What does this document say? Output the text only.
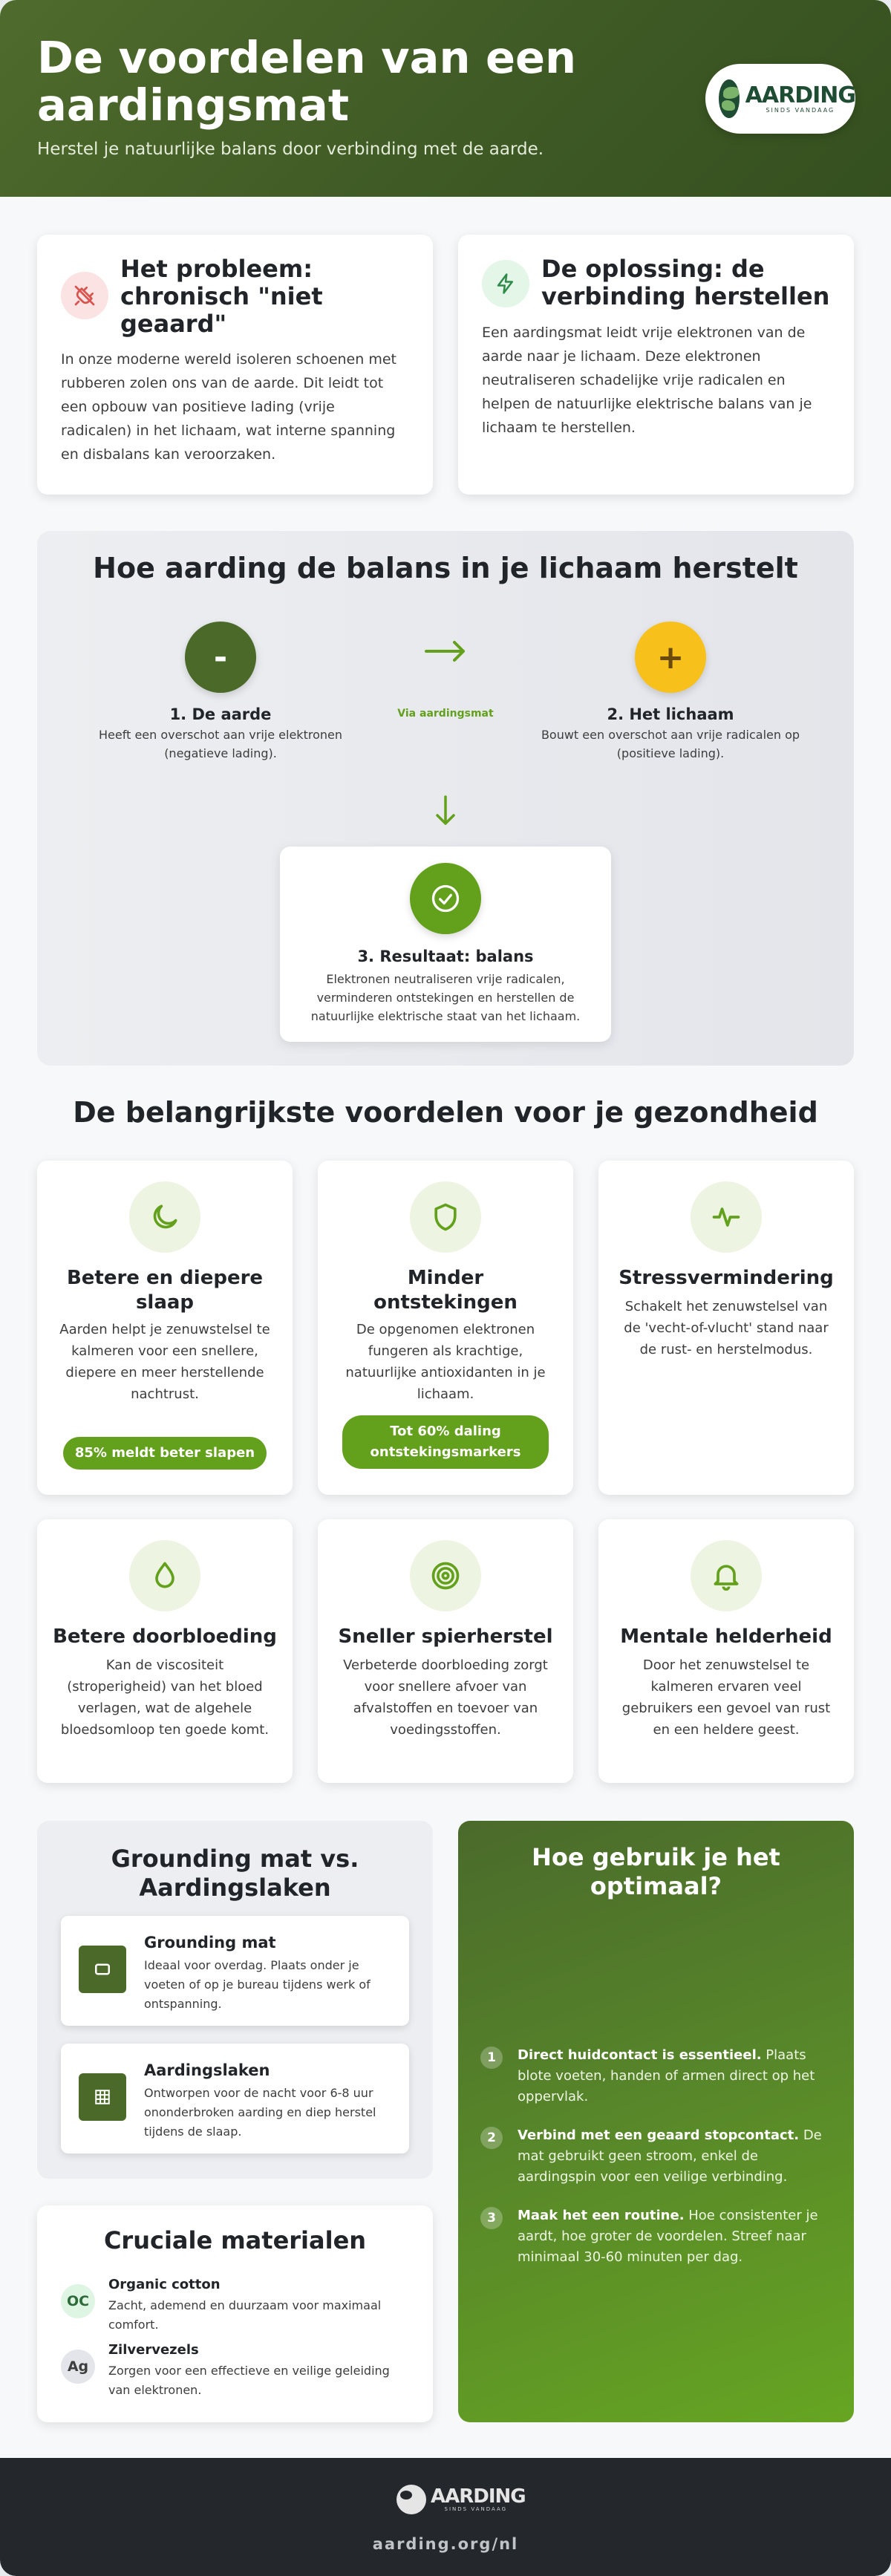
De voordelen van een aardingsmat

Herstel je natuurlijke balans door verbinding met de aarde.

AARDING
SINDS VANDAAG
Het probleem: chronisch "niet geaard"
In onze moderne wereld isoleren schoenen met rubberen zolen ons van de aarde. Dit leidt tot een opbouw van positieve lading (vrije radicalen) in het lichaam, wat interne spanning en disbalans kan veroorzaken.
De oplossing: de verbinding herstellen
Een aardingsmat leidt vrije elektronen van de aarde naar je lichaam. Deze elektronen neutraliseren schadelijke vrije radicalen en helpen de natuurlijke elektrische balans van je lichaam te herstellen.
Hoe aarding de balans in je lichaam herstelt
-
1. De aarde
Heeft een overschot aan vrije elektronen (negatieve lading).
Via aardingsmat
+
2. Het lichaam
Bouwt een overschot aan vrije radicalen op (positieve lading).
3. Resultaat: balans
Elektronen neutraliseren vrije radicalen, verminderen ontstekingen en herstellen de natuurlijke elektrische staat van het lichaam.
De belangrijkste voordelen voor je gezondheid
Betere en diepere slaap
Aarden helpt je zenuwstelsel te kalmeren voor een snellere, diepere en meer herstellende nachtrust.
85% meldt beter slapen
Minder ontstekingen
De opgenomen elektronen fungeren als krachtige, natuurlijke antioxidanten in je lichaam.
Tot 60% daling ontstekingsmarkers
Stressvermindering
Schakelt het zenuwstelsel van de 'vecht-of-vlucht' stand naar de rust- en herstelmodus.
Betere doorbloeding
Kan de viscositeit (stroperigheid) van het bloed verlagen, wat de algehele bloedsomloop ten goede komt.
Sneller spierherstel
Verbeterde doorbloeding zorgt voor snellere afvoer van afvalstoffen en toevoer van voedingsstoffen.
Mentale helderheid
Door het zenuwstelsel te kalmeren ervaren veel gebruikers een gevoel van rust en een heldere geest.
Grounding mat vs. Aardingslaken
Grounding mat
Ideaal voor overdag. Plaats onder je voeten of op je bureau tijdens werk of ontspanning.
Aardingslaken
Ontworpen voor de nacht voor 6-8 uur ononderbroken aarding en diep herstel tijdens de slaap.
Hoe gebruik je het optimaal?
1	Direct huidcontact is essentieel. Plaats blote voeten, handen of armen direct op het oppervlak.
2	Verbind met een geaard stopcontact. De mat gebruikt geen stroom, enkel de aardingspin voor een veilige verbinding.
3	Maak het een routine. Hoe consistenter je aardt, hoe groter de voordelen. Streef naar minimaal 30-60 minuten per dag.
Cruciale materialen
OC
Organic cotton
Zacht, ademend en duurzaam voor maximaal comfort.
Ag
Zilvervezels
Zorgen voor een effectieve en veilige geleiding van elektronen.
AARDING
SINDS VANDAAG
aarding.org/nl
